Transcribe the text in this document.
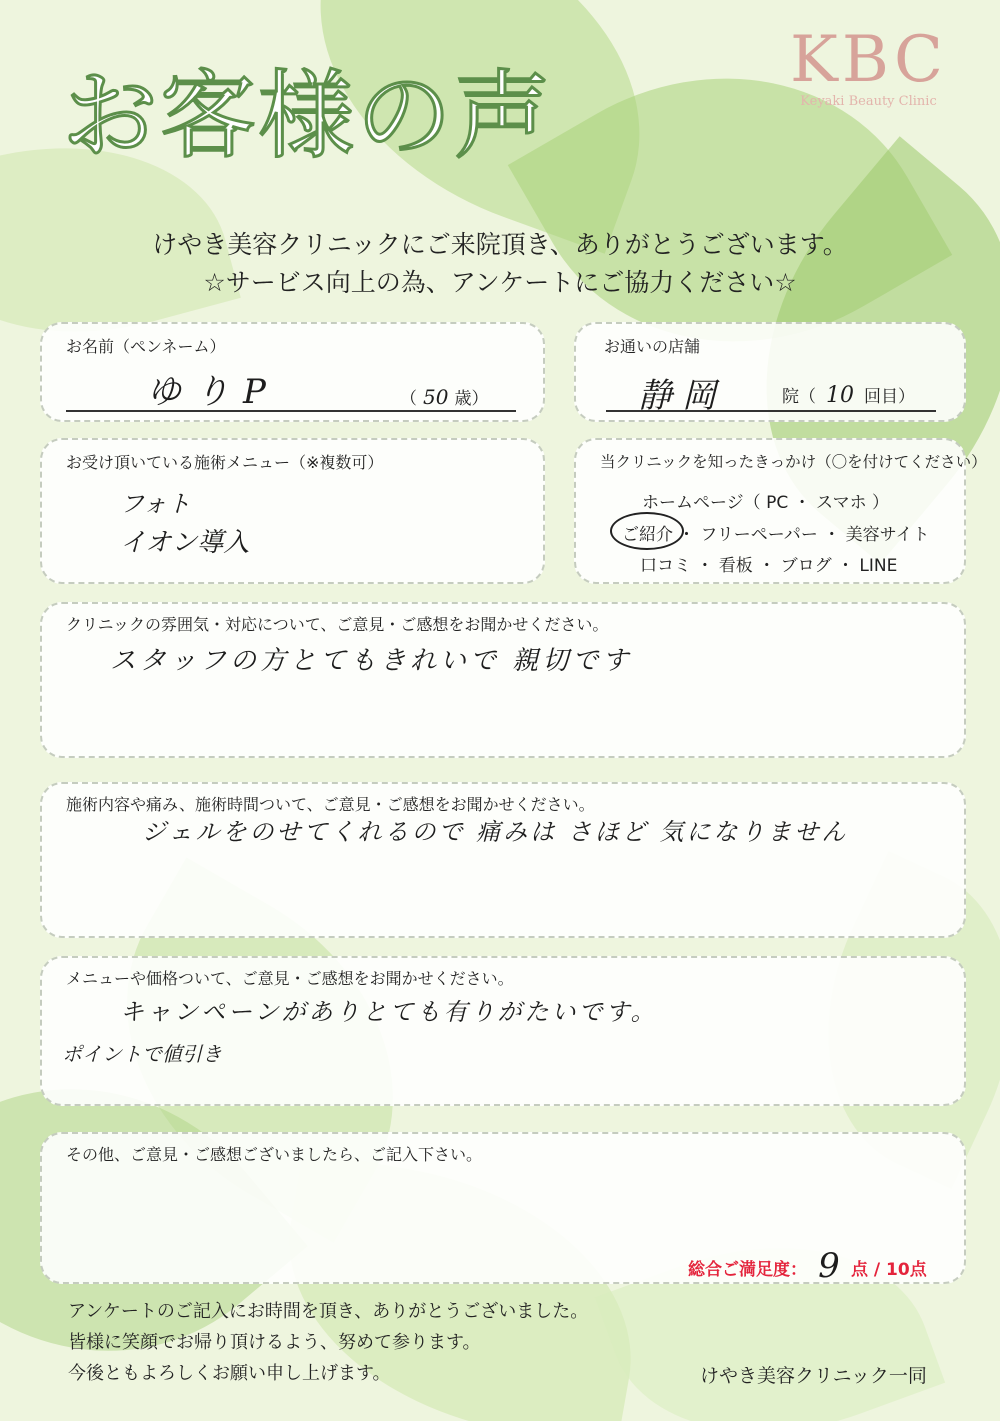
お客様の声	KBC
Keyaki Beauty Clinic
けやき美容クリニックにご来院頂き、ありがとうございます。
☆サービス向上の為、アンケートにご協力ください☆
お名前（ペンネーム）
ゆりP	（ 50 歳）
お通いの店舗
静岡	院（ 10 回目）
お受け頂いている施術メニュー（※複数可）
フォト
イオン導入
当クリニックを知ったきっかけ（〇を付けてください）
ホームページ（ PC ・ スマホ ）
ご紹介 ・ フリーペーパー ・ 美容サイト
口コミ ・ 看板 ・ ブログ ・ LINE
クリニックの雰囲気・対応について、ご意見・ご感想をお聞かせください。
スタッフの方とてもきれいで 親切です
施術内容や痛み、施術時間ついて、ご意見・ご感想をお聞かせください。
ジェルをのせてくれるので 痛みは さほど 気になりません
メニューや価格ついて、ご意見・ご感想をお聞かせください。
キャンペーンがありとても有りがたいです。
ポイントで値引き
その他、ご意見・ご感想ございましたら、ご記入下さい。
総合ご満足度： 9 点 / 10点
アンケートのご記入にお時間を頂き、ありがとうございました。
皆様に笑顔でお帰り頂けるよう、努めて参ります。
今後ともよろしくお願い申し上げます。	けやき美容クリニック一同
